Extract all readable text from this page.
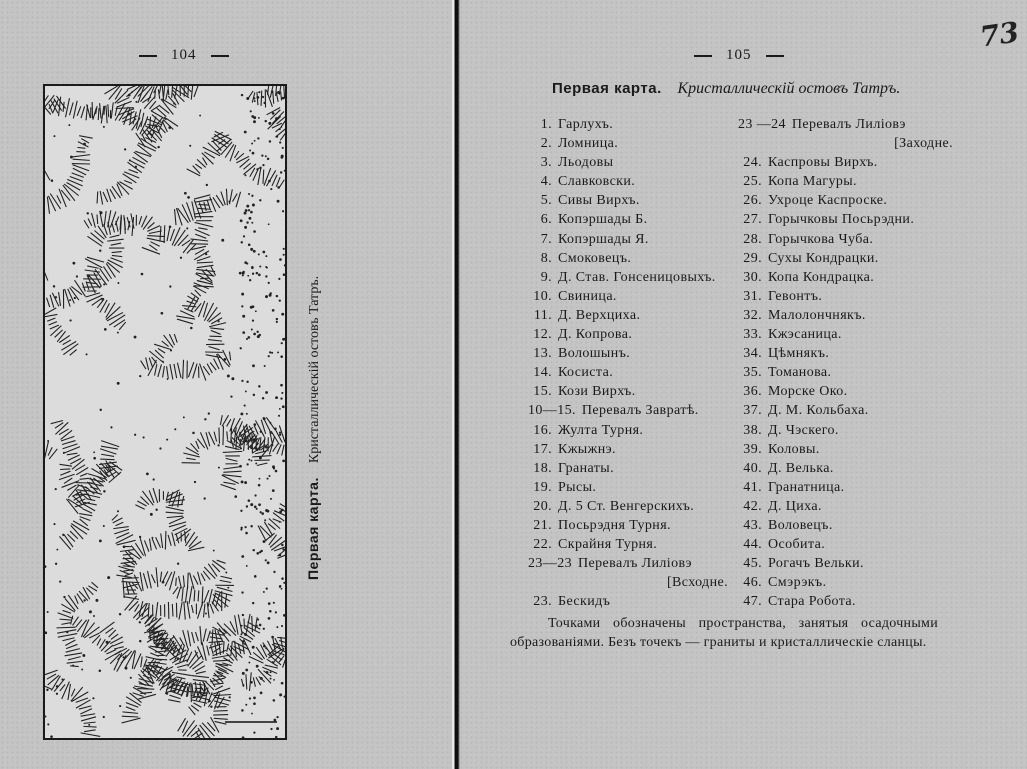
104
Первая карта.    Кристаллическій остовъ Татръ.
105
73
Первая карта. Кристаллическій остовъ Татръ.
1. Гарлухъ.
2. Ломница.
3. Льодовы
4. Славковски.
5. Сивы Вирхъ.
6. Копэршады Б.
7. Копэршады Я.
8. Смоковецъ.
9. Д. Став. Гонсеницовыхъ.
10. Свиница.
11. Д. Верхциха.
12. Д. Копрова.
13. Волошынъ.
14. Косиста.
15. Кози Вирхъ.
10—15. Перевалъ Завратѣ.
16. Жулта Турня.
17. Кжыжнэ.
18. Гранаты.
19. Рысы.
20. Д. 5 Ст. Венгерскихъ.
21. Посьрэдня Турня.
22. Скрайня Турня.
23—23 Перевалъ Лиліовэ
[Всходне.
23. Бескидъ
23 —24 Перевалъ Лиліовэ
[Заходне.
24. Каспровы Вирхъ.
25. Копа Магуры.
26. Ухроце Каспроске.
27. Горычковы Посьрэдни.
28. Горычкова Чуба.
29. Сухы Кондрацки.
30. Копа Кондрацка.
31. Гевонтъ.
32. Малолончнякъ.
33. Кжэсаница.
34. Цѣмнякъ.
35. Томанова.
36. Морске Око.
37. Д. М. Кольбаха.
38. Д. Чэскего.
39. Коловы.
40. Д. Велька.
41. Гранатница.
42. Д. Циха.
43. Воловецъ.
44. Особита.
45. Рогачъ Вельки.
46. Смэрэкъ.
47. Стара Робота.
Точками обозначены пространства, занятыя осадочными образованіями. Безъ точекъ — граниты и кристаллическіе сланцы.
